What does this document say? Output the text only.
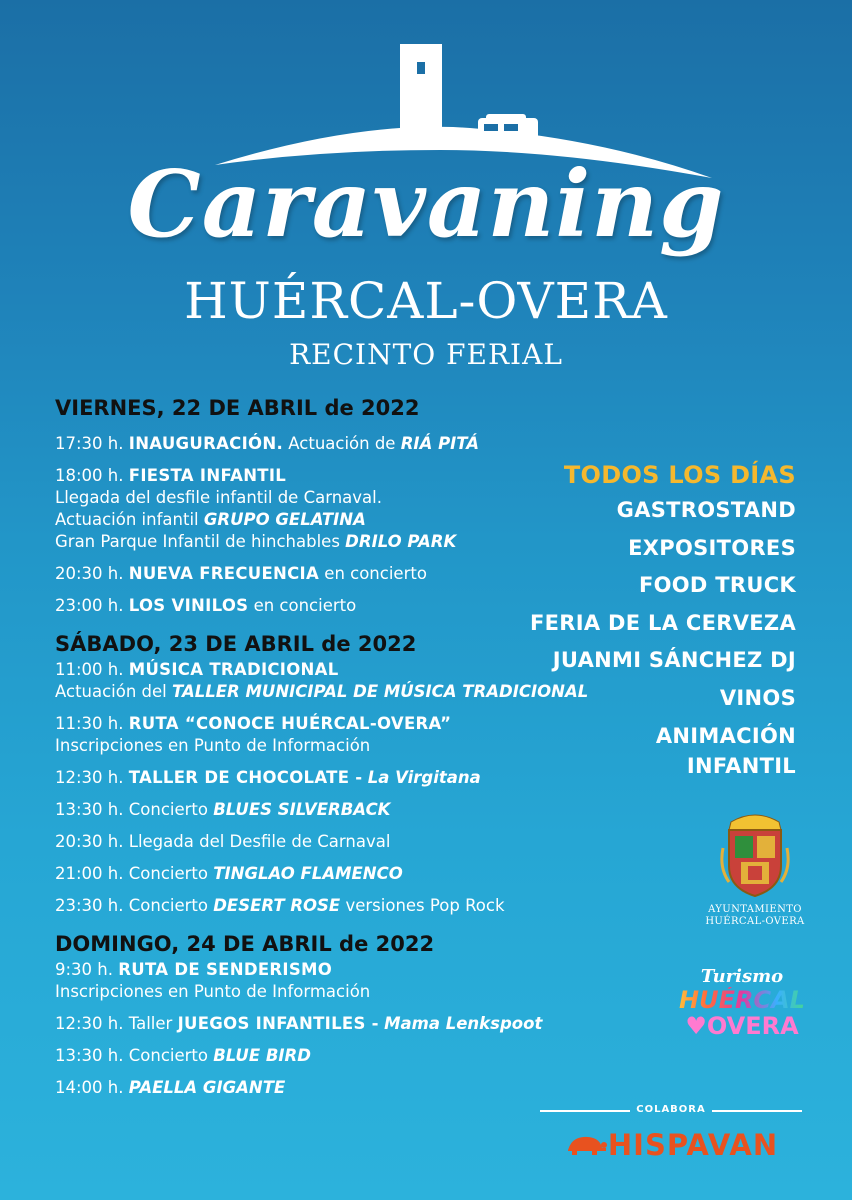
Caravaning
HUÉRCAL-OVERA
RECINTO FERIAL
VIERNES, 22 DE ABRIL de 2022
17:30 h. INAUGURACIÓN. Actuación de RIÁ PITÁ
18:00 h. FIESTA INFANTIL
Llegada del desfile infantil de Carnaval.
Actuación infantil GRUPO GELATINA
Gran Parque Infantil de hinchables DRILO PARK
20:30 h. NUEVA FRECUENCIA en concierto
23:00 h. LOS VINILOS en concierto
SÁBADO, 23 DE ABRIL de 2022
11:00 h. MÚSICA TRADICIONAL
Actuación del TALLER MUNICIPAL DE MÚSICA TRADICIONAL
11:30 h. RUTA “CONOCE HUÉRCAL-OVERA”
Inscripciones en Punto de Información
12:30 h. TALLER DE CHOCOLATE - La Virgitana
13:30 h. Concierto BLUES SILVERBACK
20:30 h. Llegada del Desfile de Carnaval
21:00 h. Concierto TINGLAO FLAMENCO
23:30 h. Concierto DESERT ROSE versiones Pop Rock
DOMINGO, 24 DE ABRIL de 2022
9:30 h. RUTA DE SENDERISMO
Inscripciones en Punto de Información
12:30 h. Taller JUEGOS INFANTILES - Mama Lenkspoot
13:30 h. Concierto BLUE BIRD
14:00 h. PAELLA GIGANTE
TODOS LOS DÍAS
GASTROSTAND
EXPOSITORES
FOOD TRUCK
FERIA DE LA CERVEZA
JUANMI SÁNCHEZ DJ
VINOS
ANIMACIÓN
INFANTIL
AYUNTAMIENTO
HUÉRCAL-OVERA
Turismo
HUÉRCAL
♥OVERA
COLABORA
HISPAVAN
